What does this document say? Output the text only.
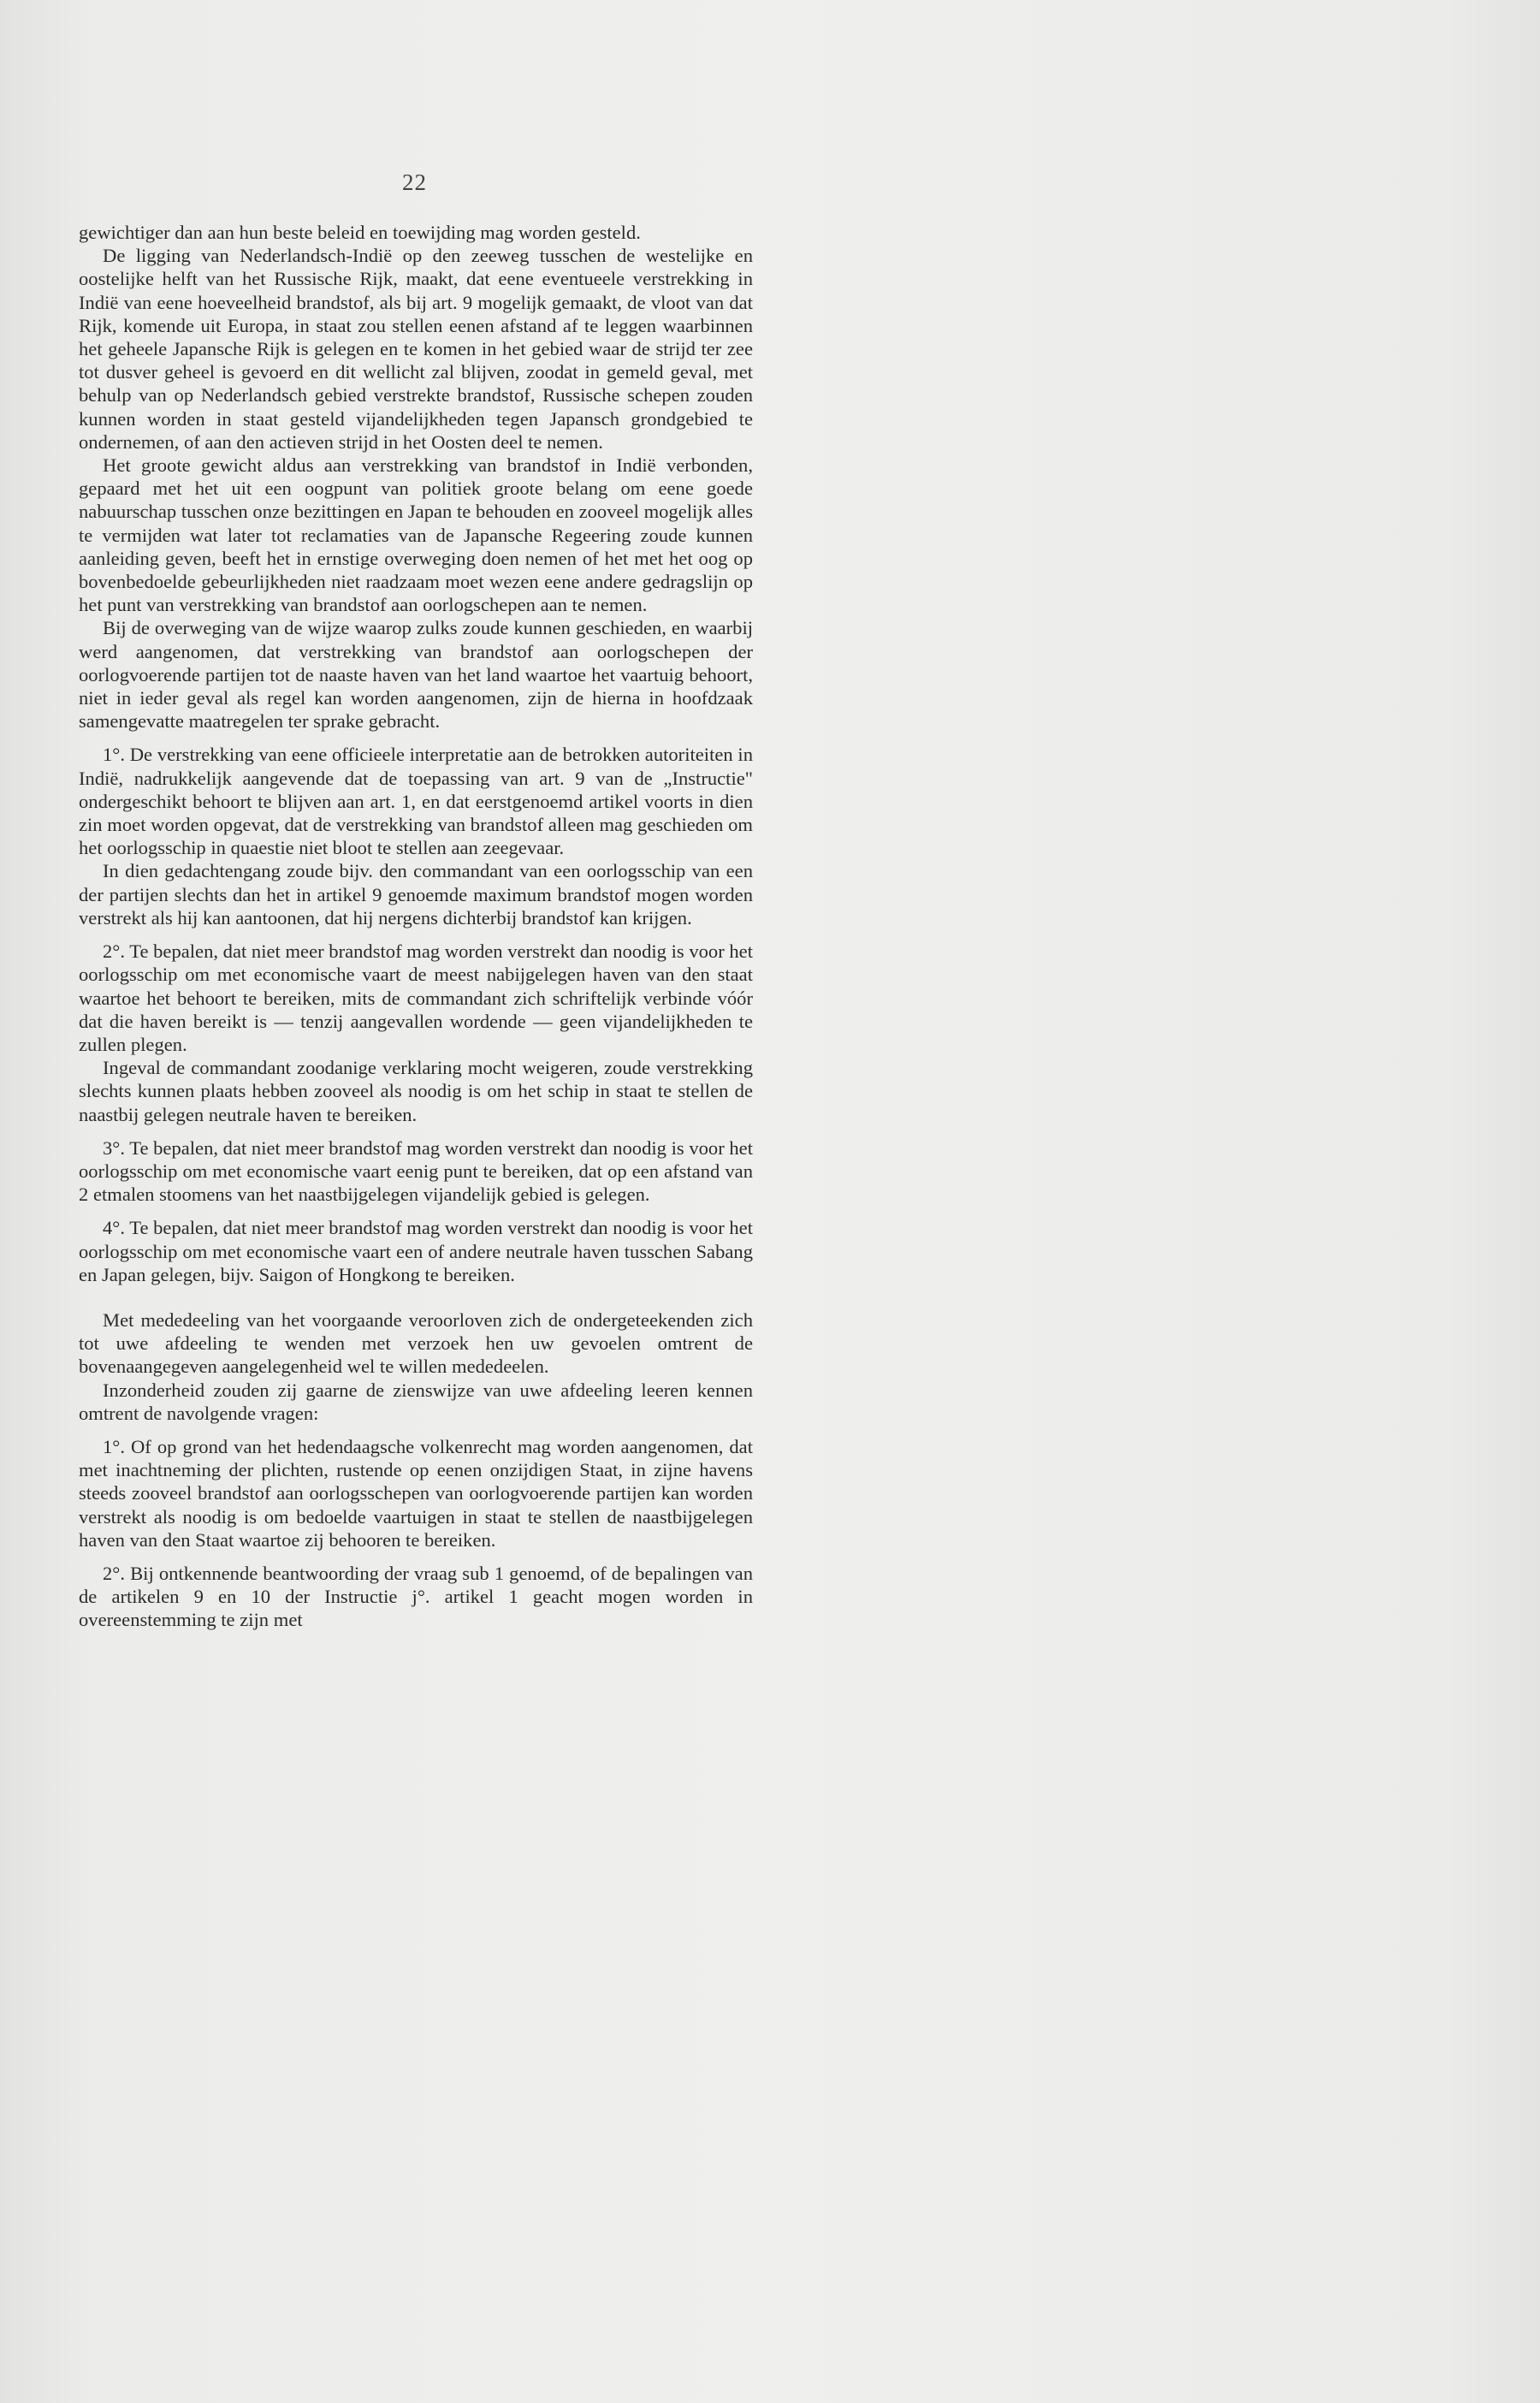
22

gewichtiger dan aan hun beste beleid en toewijding mag worden gesteld.

De ligging van Nederlandsch-Indië op den zeeweg tusschen de westelijke en oostelijke helft van het Russische Rijk, maakt, dat eene eventueele verstrekking in Indië van eene hoeveelheid brandstof, als bij art. 9 mogelijk gemaakt, de vloot van dat Rijk, komende uit Europa, in staat zou stellen eenen afstand af te leggen waarbinnen het geheele Japansche Rijk is gelegen en te komen in het gebied waar de strijd ter zee tot dusver geheel is gevoerd en dit wellicht zal blijven, zoodat in gemeld geval, met behulp van op Nederlandsch gebied verstrekte brandstof, Russische schepen zouden kunnen worden in staat gesteld vijandelijkheden tegen Japansch grondgebied te ondernemen, of aan den actieven strijd in het Oosten deel te nemen.

Het groote gewicht aldus aan verstrekking van brandstof in Indië verbonden, gepaard met het uit een oogpunt van politiek groote belang om eene goede nabuurschap tusschen onze bezittingen en Japan te behouden en zooveel mogelijk alles te vermijden wat later tot reclamaties van de Japansche Regeering zoude kunnen aanleiding geven, beeft het in ernstige overweging doen nemen of het met het oog op bovenbedoelde gebeurlijkheden niet raadzaam moet wezen eene andere gedragslijn op het punt van verstrekking van brandstof aan oorlogschepen aan te nemen.

Bij de overweging van de wijze waarop zulks zoude kunnen geschieden, en waarbij werd aangenomen, dat verstrekking van brandstof aan oorlogschepen der oorlogvoerende partijen tot de naaste haven van het land waartoe het vaartuig behoort, niet in ieder geval als regel kan worden aangenomen, zijn de hierna in hoofdzaak samengevatte maatregelen ter sprake gebracht.

1°. De verstrekking van eene officieele interpretatie aan de betrokken autoriteiten in Indië, nadrukkelijk aangevende dat de toepassing van art. 9 van de „Instructie" ondergeschikt behoort te blijven aan art. 1, en dat eerstgenoemd artikel voorts in dien zin moet worden opgevat, dat de verstrekking van brandstof alleen mag geschieden om het oorlogsschip in quaestie niet bloot te stellen aan zeegevaar.

In dien gedachtengang zoude bijv. den commandant van een oorlogsschip van een der partijen slechts dan het in artikel 9 genoemde maximum brandstof mogen worden verstrekt als hij kan aantoonen, dat hij nergens dichterbij brandstof kan krijgen.

2°. Te bepalen, dat niet meer brandstof mag worden verstrekt dan noodig is voor het oorlogsschip om met economische vaart de meest nabijgelegen haven van den staat waartoe het behoort te bereiken, mits de commandant zich schriftelijk verbinde vóór dat die haven bereikt is — tenzij aangevallen wordende — geen vijandelijkheden te zullen plegen.

Ingeval de commandant zoodanige verklaring mocht weigeren, zoude verstrekking slechts kunnen plaats hebben zooveel als noodig is om het schip in staat te stellen de naastbij gelegen neutrale haven te bereiken.

3°. Te bepalen, dat niet meer brandstof mag worden verstrekt dan noodig is voor het oorlogsschip om met economische vaart eenig punt te bereiken, dat op een afstand van 2 etmalen stoomens van het naastbijgelegen vijandelijk gebied is gelegen.

4°. Te bepalen, dat niet meer brandstof mag worden verstrekt dan noodig is voor het oorlogsschip om met economische vaart een of andere neutrale haven tusschen Sabang en Japan gelegen, bijv. Saigon of Hongkong te bereiken.

Met mededeeling van het voorgaande veroorloven zich de ondergeteekenden zich tot uwe afdeeling te wenden met verzoek hen uw gevoelen omtrent de bovenaangegeven aangelegenheid wel te willen mededeelen.

Inzonderheid zouden zij gaarne de zienswijze van uwe afdeeling leeren kennen omtrent de navolgende vragen:

1°. Of op grond van het hedendaagsche volkenrecht mag worden aangenomen, dat met inachtneming der plichten, rustende op eenen onzijdigen Staat, in zijne havens steeds zooveel brandstof aan oorlogsschepen van oorlogvoerende partijen kan worden verstrekt als noodig is om bedoelde vaartuigen in staat te stellen de naastbijgelegen haven van den Staat waartoe zij behooren te bereiken.

2°. Bij ontkennende beantwoording der vraag sub 1 genoemd, of de bepalingen van de artikelen 9 en 10 der Instructie j°. artikel 1 geacht mogen worden in overeenstemming te zijn met
